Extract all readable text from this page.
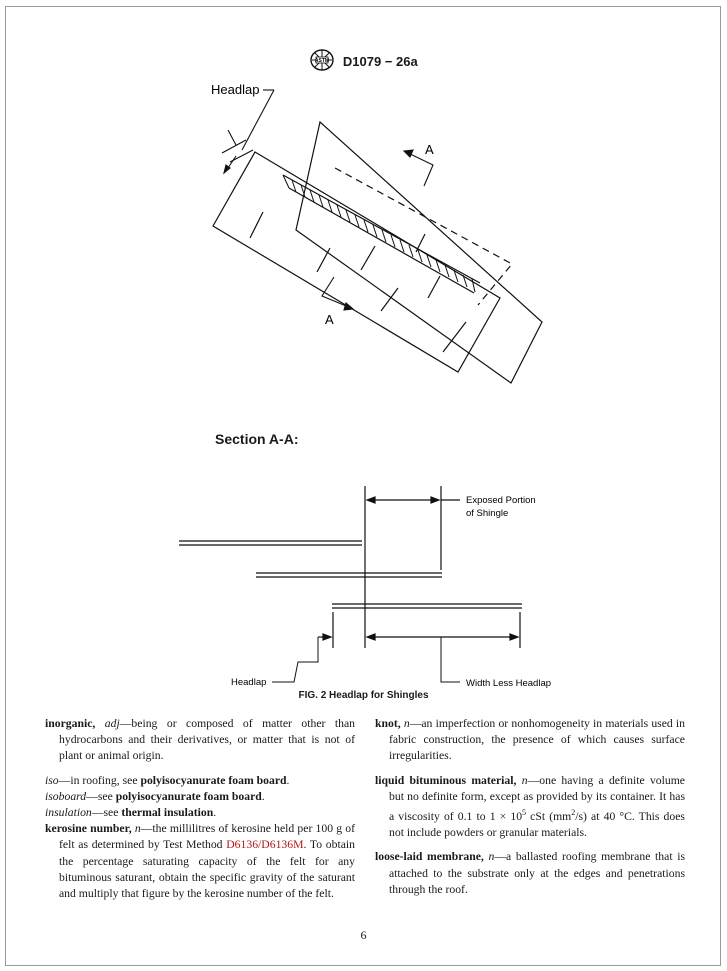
ASTM D1079 − 26a
Headlap
A
A
Section A-A:
Exposed Portion
of Shingle
Headlap	Width Less Headlap
FIG. 2 Headlap for Shingles

inorganic, adj—being or composed of matter other than hydrocarbons and their derivatives, or matter that is not of plant or animal origin.

iso—in roofing, see polyisocyanurate foam board.

isoboard—see polyisocyanurate foam board.

insulation—see thermal insulation.

kerosine number, n—the millilitres of kerosine held per 100 g of felt as determined by Test Method D6136/D6136M. To obtain the percentage saturating capacity of the felt for any bituminous saturant, obtain the specific gravity of the saturant and multiply that figure by the kerosine number of the felt.

knot, n—an imperfection or nonhomogeneity in materials used in fabric construction, the presence of which causes surface irregularities.

liquid bituminous material, n—one having a definite volume but no definite form, except as provided by its container. It has a viscosity of 0.1 to $1 \times 10^5$ cSt $(mm^2/s)$ at 40 °C. This does not include powders or granular materials.

loose-laid membrane, n—a ballasted roofing membrane that is attached to the substrate only at the edges and penetrations through the roof.

6
